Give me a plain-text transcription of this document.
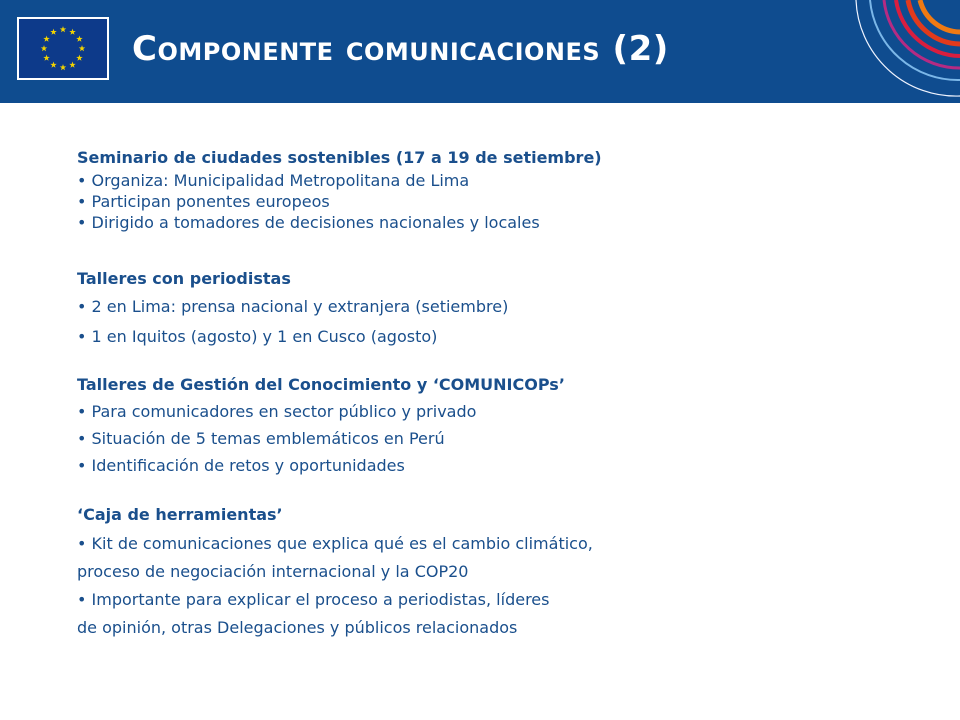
Componente comunicaciones (2)

Seminario de ciudades sostenibles (17 a 19 de setiembre)

• Organiza: Municipalidad Metropolitana de Lima

• Participan ponentes europeos

• Dirigido a tomadores de decisiones nacionales y locales

Talleres con periodistas

• 2 en Lima: prensa nacional y extranjera (setiembre)

• 1 en Iquitos (agosto) y 1 en Cusco (agosto)

Talleres de Gestión del Conocimiento y ‘COMUNICOPs’

• Para comunicadores en sector público y privado

• Situación de 5 temas emblemáticos en Perú

• Identificación de retos y oportunidades

‘Caja de herramientas’

• Kit de comunicaciones que explica qué es el cambio climático,

proceso de negociación internacional y la COP20

• Importante para explicar el proceso a periodistas, líderes

de opinión, otras Delegaciones y públicos relacionados
